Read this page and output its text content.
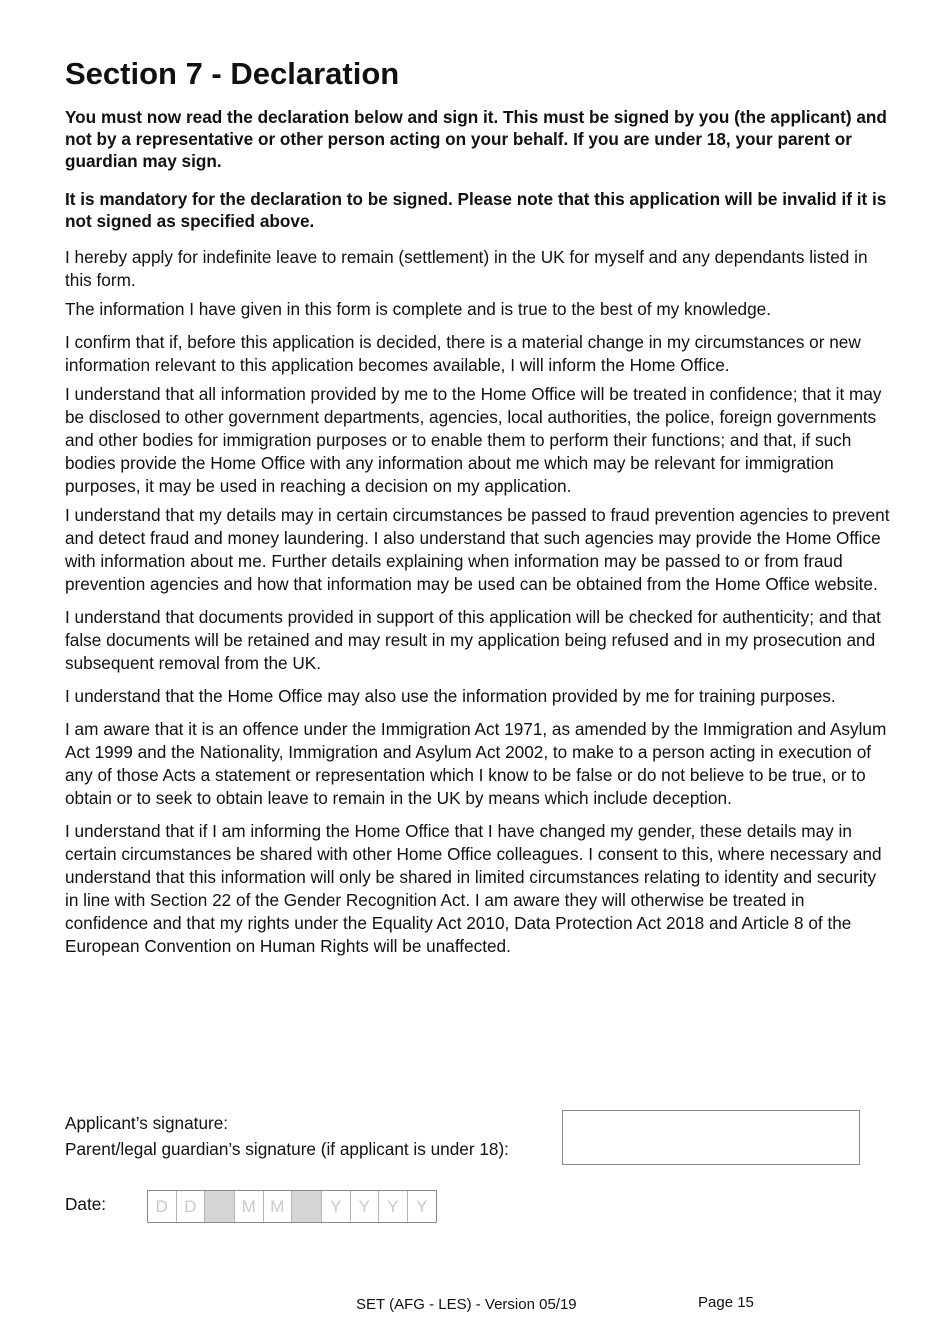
Section 7 - Declaration

You must now read the declaration below and sign it. This must be signed by you (the applicant) and not by a representative or other person acting on your behalf. If you are under 18, your parent or guardian may sign.

It is mandatory for the declaration to be signed. Please note that this application will be invalid if it is not signed as specified above.

I hereby apply for indefinite leave to remain (settlement) in the UK for myself and any dependants listed in this form.

The information I have given in this form is complete and is true to the best of my knowledge.

I confirm that if, before this application is decided, there is a material change in my circumstances or new information relevant to this application becomes available, I will inform the Home Office.

I understand that all information provided by me to the Home Office will be treated in confidence; that it may be disclosed to other government departments, agencies, local authorities, the police, foreign governments and other bodies for immigration purposes or to enable them to perform their functions; and that, if such bodies provide the Home Office with any information about me which may be relevant for immigration purposes, it may be used in reaching a decision on my application.

I understand that my details may in certain circumstances be passed to fraud prevention agencies to prevent and detect fraud and money laundering. I also understand that such agencies may provide the Home Office with information about me. Further details explaining when information may be passed to or from fraud prevention agencies and how that information may be used can be obtained from the Home Office website.

I understand that documents provided in support of this application will be checked for authenticity; and that false documents will be retained and may result in my application being refused and in my prosecution and subsequent removal from the UK.

I understand that the Home Office may also use the information provided by me for training purposes.

I am aware that it is an offence under the Immigration Act 1971, as amended by the Immigration and Asylum Act 1999 and the Nationality, Immigration and Asylum Act 2002, to make to a person acting in execution of any of those Acts a statement or representation which I know to be false or do not believe to be true, or to obtain or to seek to obtain leave to remain in the UK by means which include deception.

I understand that if I am informing the Home Office that I have changed my gender, these details may in certain circumstances be shared with other Home Office colleagues. I consent to this, where necessary and understand that this information will only be shared in limited circumstances relating to identity and security in line with Section 22 of the Gender Recognition Act. I am aware they will otherwise be treated in confidence and that my rights under the Equality Act 2010, Data Protection Act 2018 and Article 8 of the European Convention on Human Rights will be unaffected.

Applicant’s signature:
Parent/legal guardian’s signature (if applicant is under 18):
Date:	D D	M M	Y	Y	Y	Y
SET (AFG - LES) - Version 05/19	Page 15
